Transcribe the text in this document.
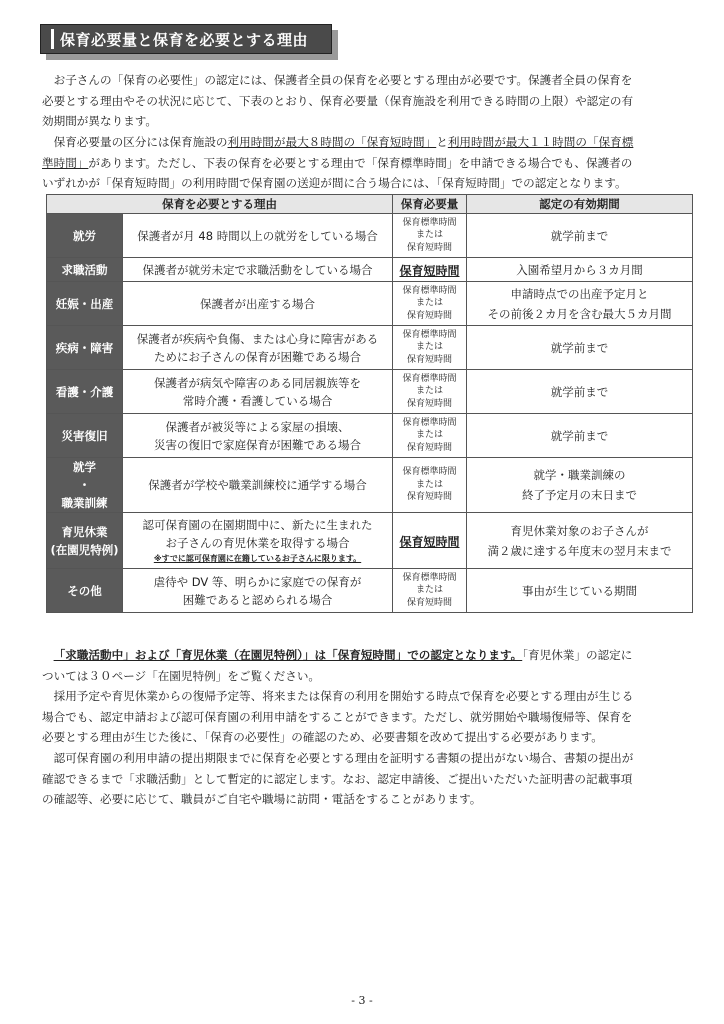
保育必要量と保育を必要とする理由
お子さんの「保育の必要性」の認定には、保護者全員の保育を必要とする理由が必要です。保護者全員の保育を
必要とする理由やその状況に応じて、下表のとおり、保育必要量（保育施設を利用できる時間の上限）や認定の有
効期間が異なります。
保育必要量の区分には保育施設の利用時間が最大８時間の「保育短時間」と利用時間が最大１１時間の「保育標
準時間」があります。ただし、下表の保育を必要とする理由で「保育標準時間」を申請できる場合でも、保護者の
いずれかが「保育短時間」の利用時間で保育園の送迎が間に合う場合には、「保育短時間」での認定となります。
保育を必要とする理由		保育必要量	認定の有効期間

就労	保護者が月 48 時間以上の就労をしている場合	保育標準時間
または
保育短時間	就学前まで

求職活動	保護者が就労未定で求職活動をしている場合	保育短時間	入園希望月から３カ月間

妊娠・出産	保護者が出産する場合	保育標準時間
または
保育短時間	申請時点での出産予定月と
その前後２カ月を含む最大５カ月間

疾病・障害	保護者が疾病や負傷、または心身に障害がある
ためにお子さんの保育が困難である場合	保育標準時間
または
保育短時間	就学前まで

看護・介護	保護者が病気や障害のある同居親族等を
常時介護・看護している場合	保育標準時間
または
保育短時間	就学前まで

災害復旧	保護者が被災等による家屋の損壊、
災害の復旧で家庭保育が困難である場合	保育標準時間
または
保育短時間	就学前まで

就学
・
職業訓練	保護者が学校や職業訓練校に通学する場合	保育標準時間
または
保育短時間	就学・職業訓練の
終了予定月の末日まで

育児休業
(在園児特例)	認可保育園の在園期間中に、新たに生まれた
お子さんの育児休業を取得する場合
※すでに認可保育園に在籍しているお子さんに限ります。	保育短時間	育児休業対象のお子さんが
満２歳に達する年度末の翌月末まで

その他	虐待や DV 等、明らかに家庭での保育が
困難であると認められる場合	保育標準時間
または
保育短時間	事由が生じている期間
「求職活動中」および「育児休業（在園児特例）」は「保育短時間」での認定となります。「育児休業」の認定に
ついては３０ページ「在園児特例」をご覧ください。
採用予定や育児休業からの復帰予定等、将来または保育の利用を開始する時点で保育を必要とする理由が生じる
場合でも、認定申請および認可保育園の利用申請をすることができます。ただし、就労開始や職場復帰等、保育を
必要とする理由が生じた後に、「保育の必要性」の確認のため、必要書類を改めて提出する必要があります。
認可保育園の利用申請の提出期限までに保育を必要とする理由を証明する書類の提出がない場合、書類の提出が
確認できるまで「求職活動」として暫定的に認定します。なお、認定申請後、ご提出いただいた証明書の記載事項
の確認等、必要に応じて、職員がご自宅や職場に訪問・電話をすることがあります。
- 3 -
